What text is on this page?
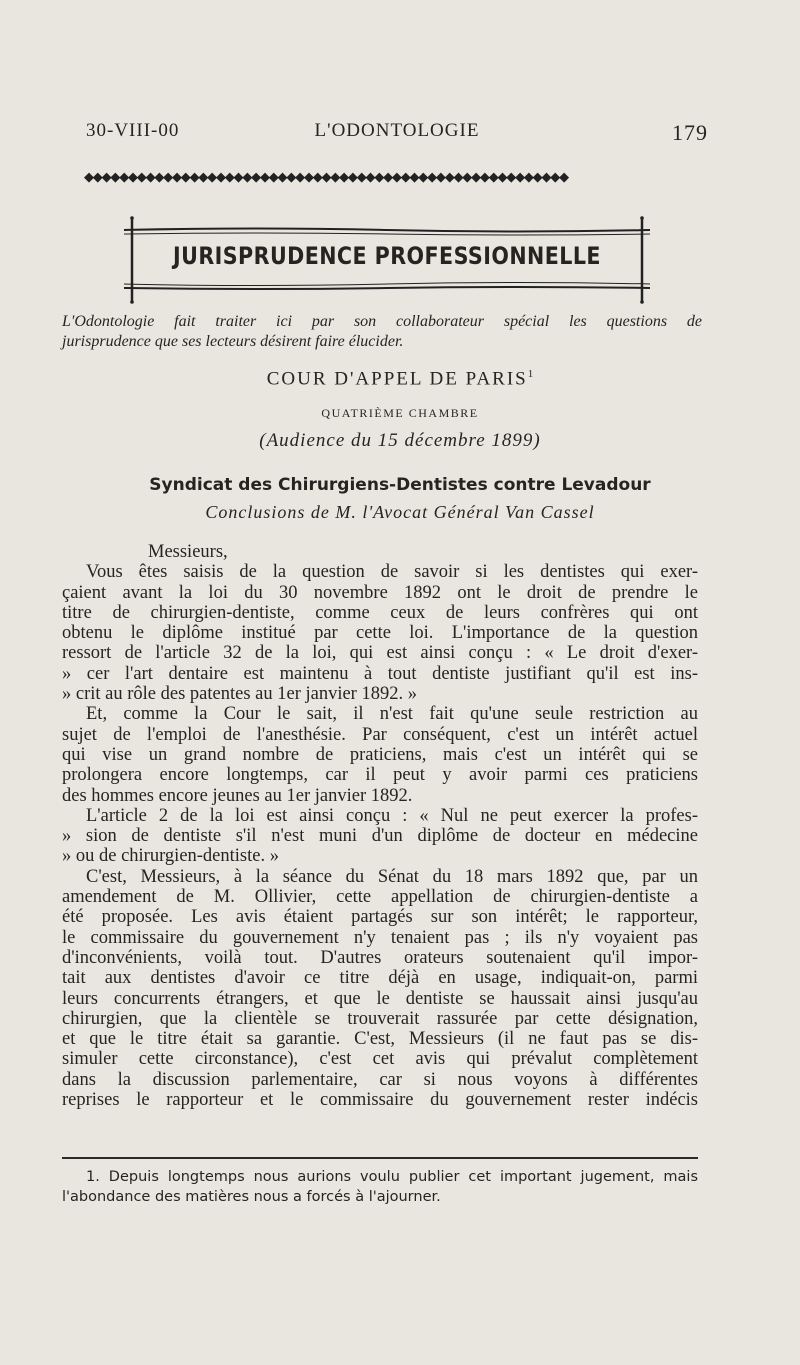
30-VIII-00	L'ODONTOLOGIE	179
◆◆◆◆◆◆◆◆◆◆◆◆◆◆◆◆◆◆◆◆◆◆◆◆◆◆◆◆◆◆◆◆◆◆◆◆◆◆◆◆◆◆◆◆◆◆◆◆◆◆◆◆◆◆◆
JURISPRUDENCE PROFESSIONNELLE
L'Odontologie fait traiter ici par son collaborateur spécial les questions de
jurisprudence que ses lecteurs désirent faire élucider.
COUR D'APPEL DE PARIS$^1$
QUATRIÈME CHAMBRE
(Audience du 15 décembre 1899)
Syndicat des Chirurgiens-Dentistes contre Levadour
Conclusions de M. l'Avocat Général Van Cassel
Messieurs,
Vous êtes saisis de la question de savoir si les dentistes qui exer-
çaient avant la loi du 30 novembre 1892 ont le droit de prendre le
titre de chirurgien-dentiste, comme ceux de leurs confrères qui ont
obtenu le diplôme institué par cette loi. L'importance de la question
ressort de l'article 32 de la loi, qui est ainsi conçu : « Le droit d'exer-
» cer l'art dentaire est maintenu à tout dentiste justifiant qu'il est ins-
» crit au rôle des patentes au 1er janvier 1892. »
Et, comme la Cour le sait, il n'est fait qu'une seule restriction au
sujet de l'emploi de l'anesthésie. Par conséquent, c'est un intérêt actuel
qui vise un grand nombre de praticiens, mais c'est un intérêt qui se
prolongera encore longtemps, car il peut y avoir parmi ces praticiens
des hommes encore jeunes au 1er janvier 1892.
L'article 2 de la loi est ainsi conçu : « Nul ne peut exercer la profes-
» sion de dentiste s'il n'est muni d'un diplôme de docteur en médecine
» ou de chirurgien-dentiste. »
C'est, Messieurs, à la séance du Sénat du 18 mars 1892 que, par un
amendement de M. Ollivier, cette appellation de chirurgien-dentiste a
été proposée. Les avis étaient partagés sur son intérêt; le rapporteur,
le commissaire du gouvernement n'y tenaient pas ; ils n'y voyaient pas
d'inconvénients, voilà tout. D'autres orateurs soutenaient qu'il impor-
tait aux dentistes d'avoir ce titre déjà en usage, indiquait-on, parmi
leurs concurrents étrangers, et que le dentiste se haussait ainsi jusqu'au
chirurgien, que la clientèle se trouverait rassurée par cette désignation,
et que le titre était sa garantie. C'est, Messieurs (il ne faut pas se dis-
simuler cette circonstance), c'est cet avis qui prévalut complètement
dans la discussion parlementaire, car si nous voyons à différentes
reprises le rapporteur et le commissaire du gouvernement rester indécis
1. Depuis longtemps nous aurions voulu publier cet important jugement, mais
l'abondance des matières nous a forcés à l'ajourner.
